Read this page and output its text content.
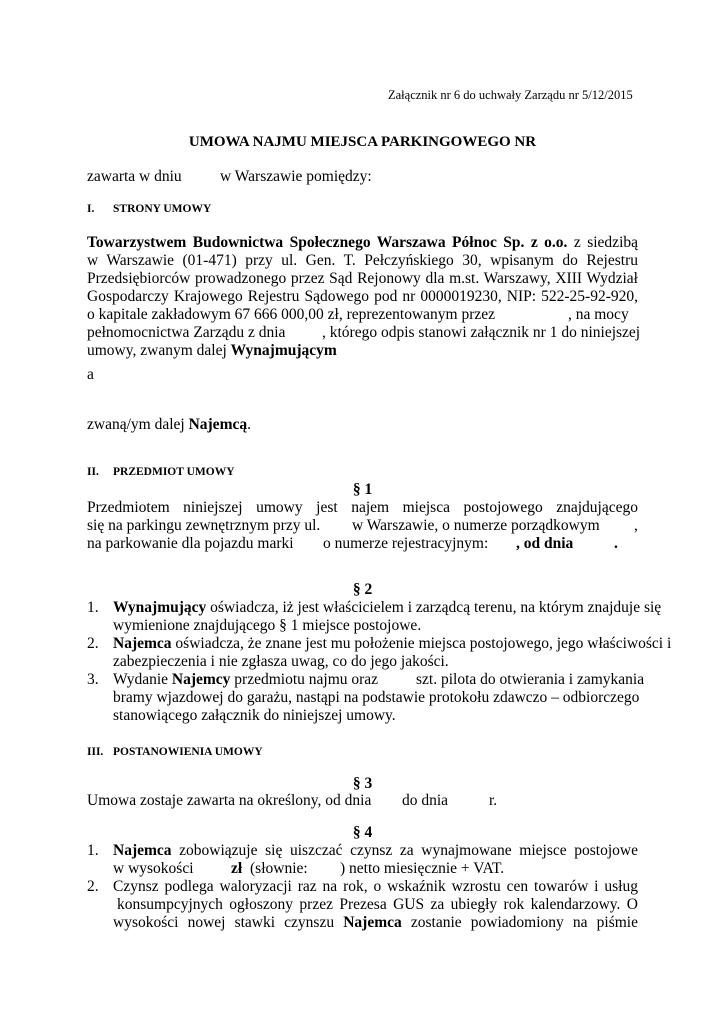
Załącznik nr 6 do uchwały Zarządu nr 5/12/2015
UMOWA NAJMU MIEJSCA PARKINGOWEGO NR
zawarta w dniu w Warszawie pomiędzy:
I. STRONY UMOWY
Towarzystwem Budownictwa Społecznego Warszawa Północ Sp. z o.o. z siedzibą
w Warszawie (01-471) przy ul. Gen. T. Pełczyńskiego 30, wpisanym do Rejestru
Przedsiębiorców prowadzonego przez Sąd Rejonowy dla m.st. Warszawy, XIII Wydział
Gospodarczy Krajowego Rejestru Sądowego pod nr 0000019230, NIP: 522-25-92-920,
o kapitale zakładowym 67 666 000,00 zł, reprezentowanym przez	, na mocy
pełnomocnictwa Zarządu z dnia , którego odpis stanowi załącznik nr 1 do niniejszej
umowy, zwanym dalej Wynajmującym
a
zwaną/ym dalej Najemcą.
II. PRZEDMIOT UMOWY
§ 1
Przedmiotem niniejszej umowy jest najem miejsca postojowego znajdującego
się na parkingu zewnętrznym przy ul. w Warszawie, o numerze porządkowym ,
na parkowanie dla pojazdu marki o numerze rejestracyjnym: , od dnia	.
§ 2
1. Wynajmujący oświadcza, iż jest właścicielem i zarządcą terenu, na którym znajduje się
wymienione znajdującego § 1 miejsce postojowe.
2. Najemca oświadcza, że znane jest mu położenie miejsca postojowego, jego właściwości i
zabezpieczenia i nie zgłasza uwag, co do jego jakości.
3. Wydanie Najemcy przedmiotu najmu oraz szt. pilota do otwierania i zamykania
bramy wjazdowej do garażu, nastąpi na podstawie protokołu zdawczo – odbiorczego
stanowiącego załącznik do niniejszej umowy.
III. POSTANOWIENIA UMOWY
§ 3
Umowa zostaje zawarta na określony, od dnia do dnia	r.
§ 4
1. Najemca zobowiązuje się uiszczać czynsz za wynajmowane miejsce postojowe
w wysokości zł (słownie: ) netto miesięcznie + VAT.
2. Czynsz podlega waloryzacji raz na rok, o wskaźnik wzrostu cen towarów i usług
konsumpcyjnych ogłoszony przez Prezesa GUS za ubiegły rok kalendarzowy. O
wysokości nowej stawki czynszu Najemca zostanie powiadomiony na piśmie
